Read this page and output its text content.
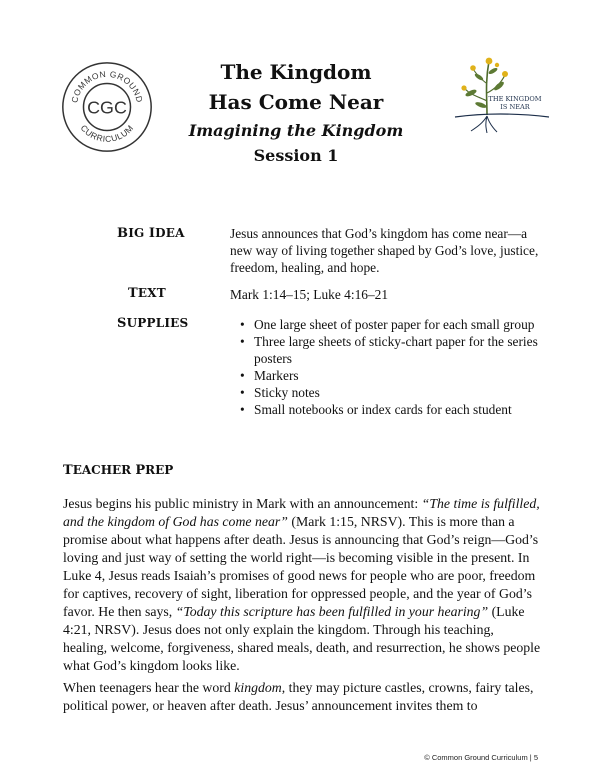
COMMON GROUND
CURRICULUM
CGC	THE KINGDOM
IS NEAR
The Kingdom
Has Come Near
Imagining the Kingdom
Session 1
BIG IDEA	Jesus announces that God’s kingdom has come near—a new way of living together shaped by God’s love, justice, freedom, healing, and hope.
TEXT	Mark 1:14–15; Luke 4:16–21
SUPPLIES
•	One large sheet of poster paper for each small group
• Three large sheets of sticky-chart paper for the series posters
• Markers
• Sticky notes
• Small notebooks or index cards for each student
TEACHER PREP
Jesus begins his public ministry in Mark with an announcement: “The time is fulfilled, and the kingdom of God has come near” (Mark 1:15, NRSV). This is more than a promise about what happens after death. Jesus is announcing that God’s reign—God’s loving and just way of setting the world right—is becoming visible in the present. In Luke 4, Jesus reads Isaiah’s promises of good news for people who are poor, freedom for captives, recovery of sight, liberation for oppressed people, and the year of God’s favor. He then says, “Today this scripture has been fulfilled in your hearing” (Luke 4:21, NRSV). Jesus does not only explain the kingdom. Through his teaching, healing, welcome, forgiveness, shared meals, death, and resurrection, he shows people what God’s kingdom looks like.
When teenagers hear the word kingdom, they may picture castles, crowns, fairy tales, political power, or heaven after death. Jesus’ announcement invites them to
© Common Ground Curriculum | 5
